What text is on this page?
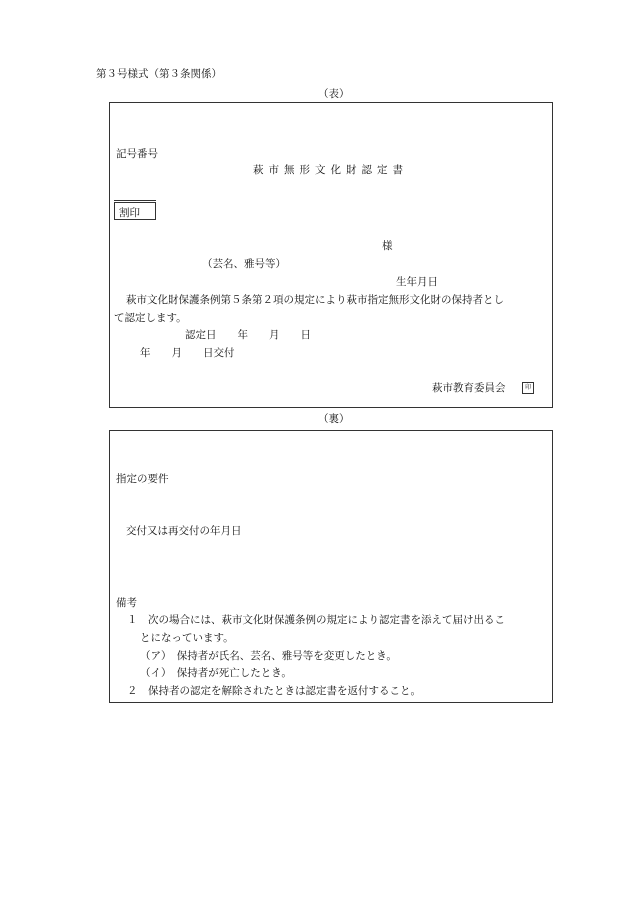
第３号様式（第３条関係）
（表）
記号番号
萩市無形文化財認定書
割印
様
（芸名、雅号等）
生年月日
萩市文化財保護条例第５条第２項の規定により萩市指定無形文化財の保持者とし
て認定します。
認定日　　年　　月　　日
年　　月　　日交付
萩市教育委員会	印
（裏）
指定の要件
交付又は再交付の年月日
備考
１　次の場合には、萩市文化財保護条例の規定により認定書を添えて届け出るこ
とになっています。
（ア）　保持者が氏名、芸名、雅号等を変更したとき。
（イ）　保持者が死亡したとき。
２　保持者の認定を解除されたときは認定書を返付すること。
